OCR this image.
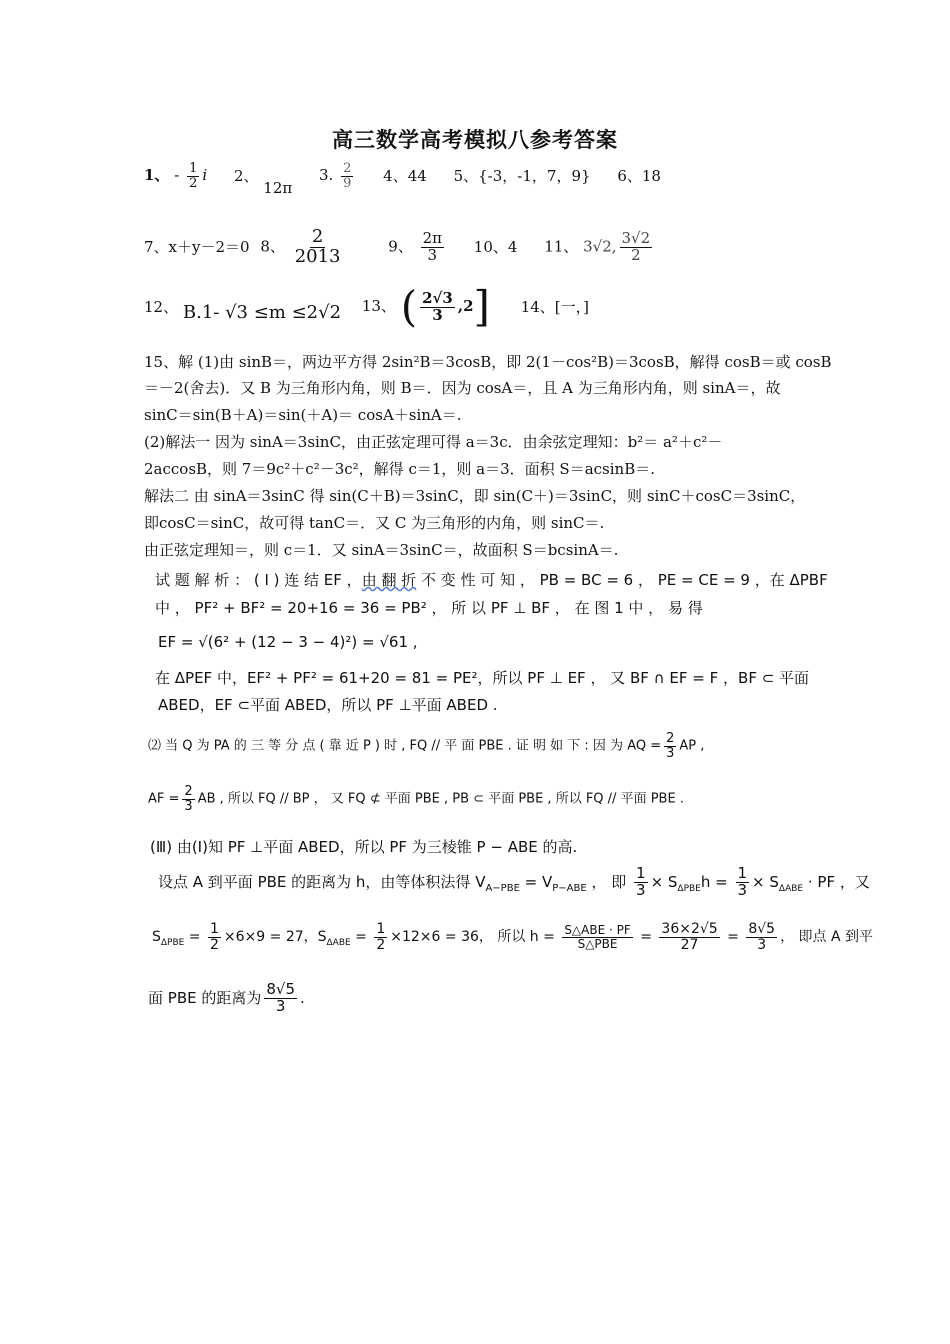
高三数学高考模拟八参考答案
1、 - $\frac{1}{2}$ i 2、 12π 3. $\frac{2}{9} 4$、44 5、{-3，-1，7，9} 6、18
7、x＋y－2＝0 8、 $\frac{2}{2013}$	9、 $\frac{2\pi}{3} 10$、4 11、 3√2, $\frac{3√2}{2}$
12、 B.1- √3 ≤m ≤2√2 13、 ( $\frac{2√3}{3} ,2$] 14、[一，]
15、解 (1)由 sinB＝，两边平方得 2sin²B＝3cosB，即 2(1－cos²B)＝3cosB，解得 cosB＝或 cosB
＝－2(舍去)．又 B 为三角形内角，则 B＝．因为 cosA＝，且 A 为三角形内角，则 sinA＝，故
sinC＝sin(B＋A)＝sin(＋A)＝ cosA＋sinA＝.
(2)解法一 因为 sinA＝3sinC，由正弦定理可得 a＝3c．由余弦定理知：b²＝ a²＋c²－
2accosB，则 7＝9c²＋c²－3c²，解得 c＝1，则 a＝3．面积 S＝acsinB＝.
解法二 由 sinA＝3sinC 得 sin(C＋B)＝3sinC，即 sin(C＋)＝3sinC，则 sinC＋cosC＝3sinC，
即cosC＝sinC，故可得 tanC＝．又 C 为三角形的内角，则 sinC＝.
由正弦定理知＝，则 c＝1．又 sinA＝3sinC＝，故面积 S＝bcsinA＝.
试 题 解 析 ： ( Ⅰ ) 连 结 EF ，由 翻 折 不 变 性 可 知 ， PB = BC = 6 ， PE = CE = 9 ，在 ΔPBF
中 ， PF² + BF² = 20+16 = 36 = PB² ， 所 以 PF ⊥ BF ， 在 图 1 中 ， 易 得
EF = √(6² + (12 − 3 − 4)²) = √61 ,
在 ΔPEF 中，EF² + PF² = 61+20 = 81 = PE²，所以 PF ⊥ EF ， 又 BF ∩ EF = F ，BF ⊂ 平面
ABED，EF ⊂平面 ABED，所以 PF ⊥平面 ABED .
⑵ 当 Q 为 PA 的 三 等 分 点 ( 靠 近 P ) 时 , FQ // 平 面 PBE . 证 明 如 下 : 因 为 AQ = $\frac{2}{3}$ AP ,
AF = $\frac{2}{3}$ AB , 所以 FQ // BP ， 又 FQ ⊄ 平面 PBE , PB ⊂ 平面 PBE , 所以 FQ // 平面 PBE .
(Ⅲ) 由(Ⅰ)知 PF ⊥平面 ABED，所以 PF 为三棱锥 P − ABE 的高.
设点 A 到平面 PBE 的距离为 h，由等体积法得 $V_{A-PBE} = V_{P-ABE}$ ， 即 $\frac{1}{3} \times S_{\Delta PBE}h = \frac{1}{3} \times S_{\Delta ABE}$ · PF ，又
$S_{\Delta PBE} = \frac{1}{2} \times 6\times 9 = 27$，$S_{\Delta ABE} = \frac{1}{2} \times 12\times 6 = 36$， 所以 $h = \frac{\text{S△ABE · PF}}{\text{S△PBE}} = \frac{36\times 2√5}{27} = \frac{8√5}{3}$ ， 即点 A 到平
面 PBE 的距离为 $\frac{8√5}{3}$ .
